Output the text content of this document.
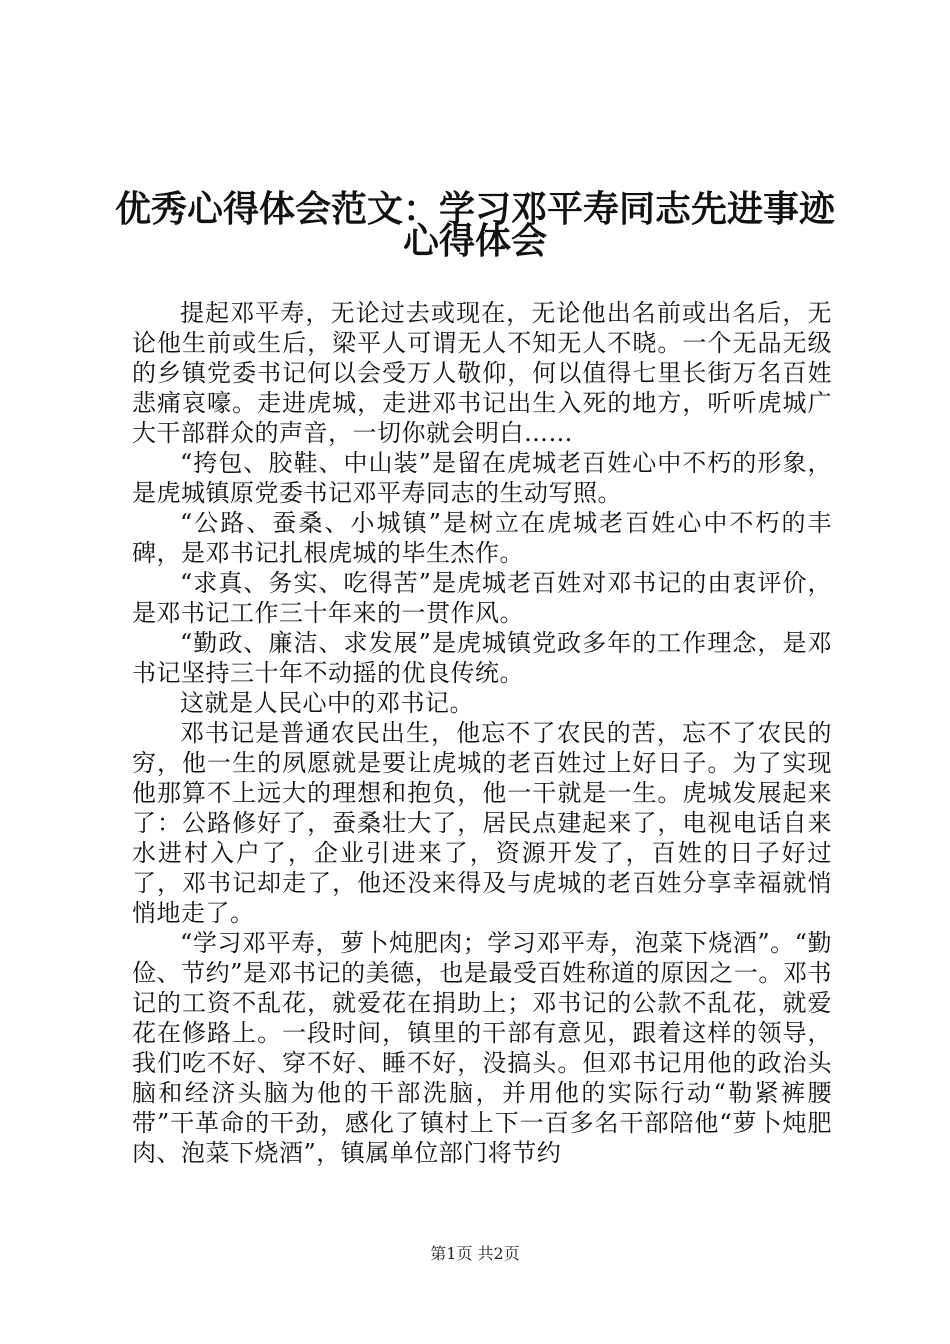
优秀心得体会范文：学习邓平寿同志先进事迹
心得体会

提起邓平寿，无论过去或现在，无论他出名前或出名后，无论他生前或生后，梁平人可谓无人不知无人不晓。一个无品无级的乡镇党委书记何以会受万人敬仰，何以值得七里长街万名百姓悲痛哀嚎。走进虎城，走进邓书记出生入死的地方，听听虎城广大干部群众的声音，一切你就会明白……

“挎包、胶鞋、中山装”是留在虎城老百姓心中不朽的形象，是虎城镇原党委书记邓平寿同志的生动写照。

“公路、蚕桑、小城镇”是树立在虎城老百姓心中不朽的丰碑，是邓书记扎根虎城的毕生杰作。

“求真、务实、吃得苦”是虎城老百姓对邓书记的由衷评价，是邓书记工作三十年来的一贯作风。

“勤政、廉洁、求发展”是虎城镇党政多年的工作理念，是邓书记坚持三十年不动摇的优良传统。

这就是人民心中的邓书记。

邓书记是普通农民出生，他忘不了农民的苦，忘不了农民的穷，他一生的夙愿就是要让虎城的老百姓过上好日子。为了实现他那算不上远大的理想和抱负，他一干就是一生。虎城发展起来了：公路修好了，蚕桑壮大了，居民点建起来了，电视电话自来水进村入户了，企业引进来了，资源开发了，百姓的日子好过了，邓书记却走了，他还没来得及与虎城的老百姓分享幸福就悄悄地走了。

“学习邓平寿，萝卜炖肥肉；学习邓平寿，泡菜下烧酒”。“勤俭、节约”是邓书记的美德，也是最受百姓称道的原因之一。邓书记的工资不乱花，就爱花在捐助上；邓书记的公款不乱花，就爱花在修路上。一段时间，镇里的干部有意见，跟着这样的领导，我们吃不好、穿不好、睡不好，没搞头。但邓书记用他的政治头脑和经济头脑为他的干部洗脑，并用他的实际行动“勒紧裤腰带”干革命的干劲，感化了镇村上下一百多名干部陪他“萝卜炖肥肉、泡菜下烧酒”，镇属单位部门将节约

第1页 共2页
